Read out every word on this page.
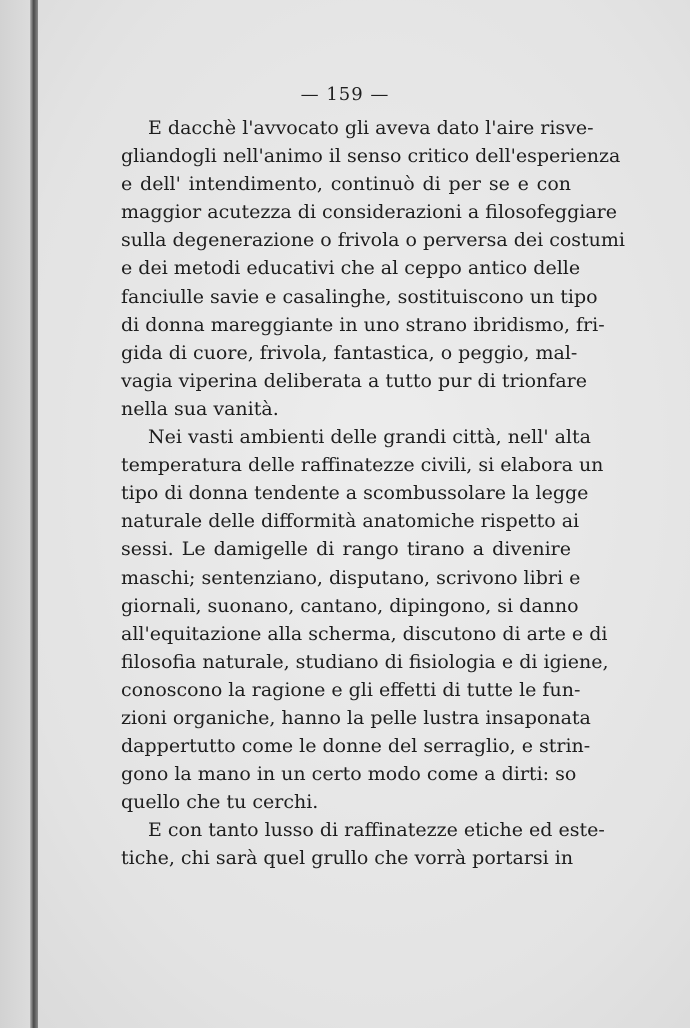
— 159 —
E dacchè l'avvocato gli aveva dato l'aire risve-
gliandogli nell'animo il senso critico dell'esperienza
e dell' intendimento, continuò di per se e con
maggior acutezza di considerazioni a filosofeggiare
sulla degenerazione o frivola o perversa dei costumi
e dei metodi educativi che al ceppo antico delle
fanciulle savie e casalinghe, sostituiscono un tipo
di donna mareggiante in uno strano ibridismo, fri-
gida di cuore, frivola, fantastica, o peggio, mal-
vagia viperina deliberata a tutto pur di trionfare
nella sua vanità.
Nei vasti ambienti delle grandi città, nell' alta
temperatura delle raffinatezze civili, si elabora un
tipo di donna tendente a scombussolare la legge
naturale delle difformità anatomiche rispetto ai
sessi. Le damigelle di rango tirano a divenire
maschi; sentenziano, disputano, scrivono libri e
giornali, suonano, cantano, dipingono, si danno
all'equitazione alla scherma, discutono di arte e di
filosofia naturale, studiano di fisiologia e di igiene,
conoscono la ragione e gli effetti di tutte le fun-
zioni organiche, hanno la pelle lustra insaponata
dappertutto come le donne del serraglio, e strin-
gono la mano in un certo modo come a dirti: so
quello che tu cerchi.
E con tanto lusso di raffinatezze etiche ed este-
tiche, chi sarà quel grullo che vorrà portarsi in
